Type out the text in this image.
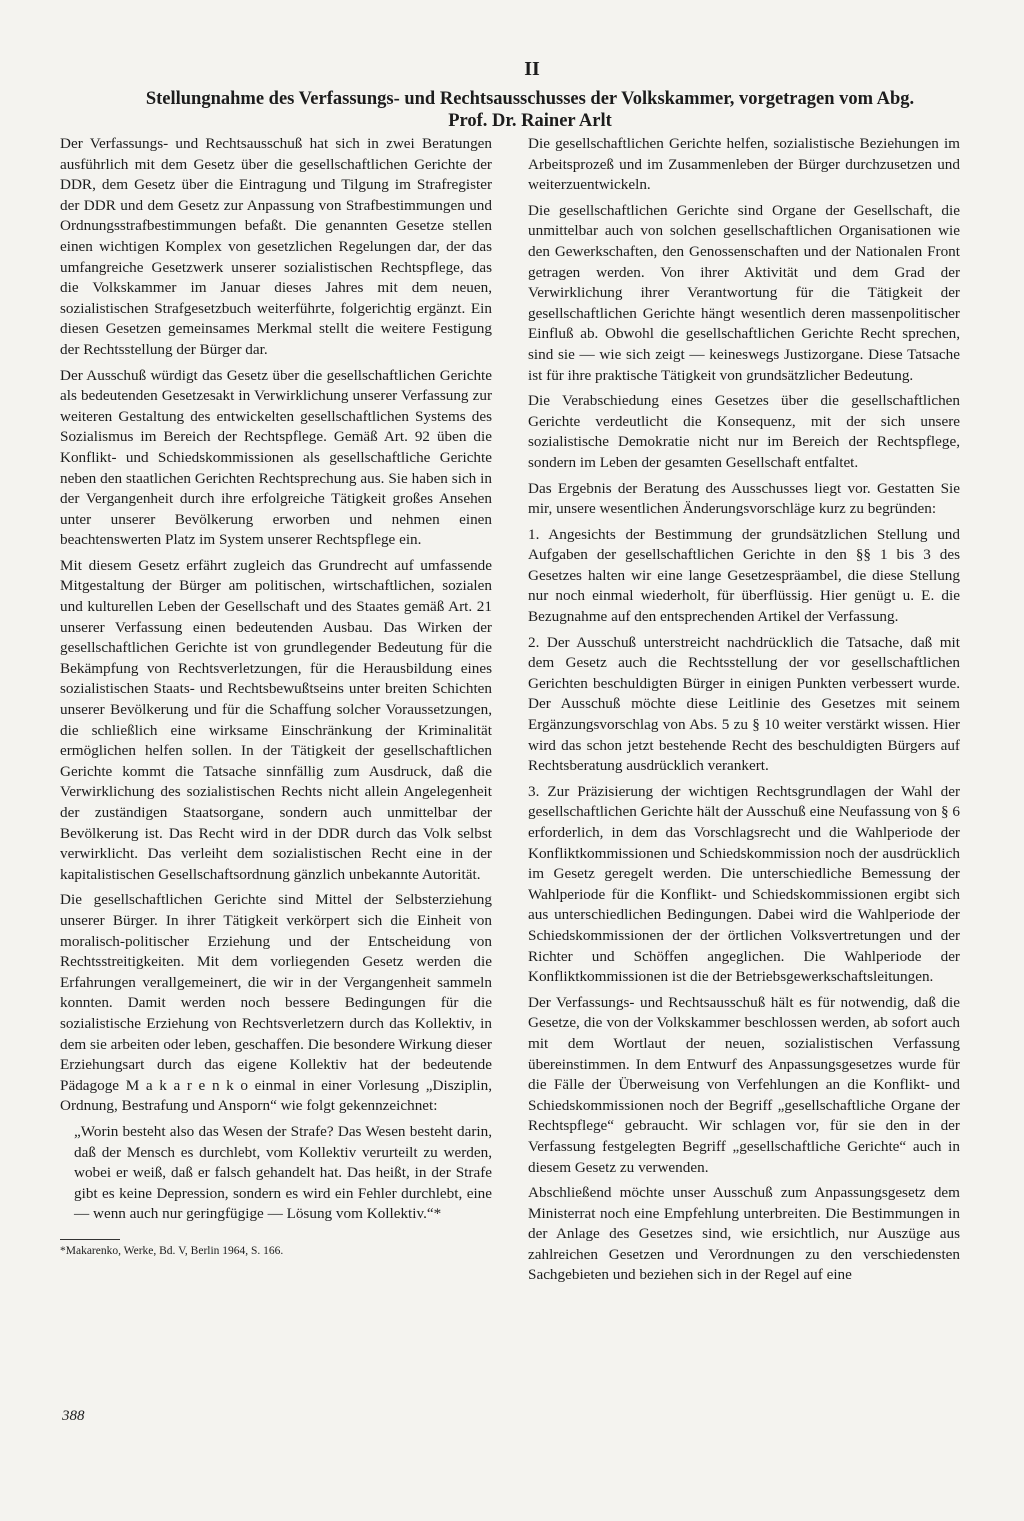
II
Stellungnahme des Verfassungs- und Rechtsausschusses der Volkskammer, vorgetragen vom Abg. Prof. Dr. Rainer Arlt

Der Verfassungs- und Rechtsausschuß hat sich in zwei Beratungen ausführlich mit dem Gesetz über die gesellschaftlichen Gerichte der DDR, dem Gesetz über die Eintragung und Tilgung im Strafregister der DDR und dem Gesetz zur Anpassung von Strafbestimmungen und Ordnungsstrafbestimmungen befaßt. Die genannten Gesetze stellen einen wichtigen Komplex von gesetzlichen Regelungen dar, der das umfangreiche Gesetzwerk unserer sozialistischen Rechtspflege, das die Volkskammer im Januar dieses Jahres mit dem neuen, sozialistischen Strafgesetzbuch weiterführte, folgerichtig ergänzt. Ein diesen Gesetzen gemeinsames Merkmal stellt die weitere Festigung der Rechtsstellung der Bürger dar.

Der Ausschuß würdigt das Gesetz über die gesellschaftlichen Gerichte als bedeutenden Gesetzesakt in Verwirklichung unserer Verfassung zur weiteren Gestaltung des entwickelten gesellschaftlichen Systems des Sozialismus im Bereich der Rechtspflege. Gemäß Art. 92 üben die Konflikt- und Schiedskommissionen als gesellschaftliche Gerichte neben den staatlichen Gerichten Rechtsprechung aus. Sie haben sich in der Vergangenheit durch ihre erfolgreiche Tätigkeit großes Ansehen unter unserer Bevölkerung erworben und nehmen einen beachtenswerten Platz im System unserer Rechtspflege ein.

Mit diesem Gesetz erfährt zugleich das Grundrecht auf umfassende Mitgestaltung der Bürger am politischen, wirtschaftlichen, sozialen und kulturellen Leben der Gesellschaft und des Staates gemäß Art. 21 unserer Verfassung einen bedeutenden Ausbau. Das Wirken der gesellschaftlichen Gerichte ist von grundlegender Bedeutung für die Bekämpfung von Rechtsverletzungen, für die Herausbildung eines sozialistischen Staats- und Rechtsbewußtseins unter breiten Schichten unserer Bevölkerung und für die Schaffung solcher Voraussetzungen, die schließlich eine wirksame Einschränkung der Kriminalität ermöglichen helfen sollen. In der Tätigkeit der gesellschaftlichen Gerichte kommt die Tatsache sinnfällig zum Ausdruck, daß die Verwirklichung des sozialistischen Rechts nicht allein Angelegenheit der zuständigen Staatsorgane, sondern auch unmittelbar der Bevölkerung ist. Das Recht wird in der DDR durch das Volk selbst verwirklicht. Das verleiht dem sozialistischen Recht eine in der kapitalistischen Gesellschaftsordnung gänzlich unbekannte Autorität.

Die gesellschaftlichen Gerichte sind Mittel der Selbsterziehung unserer Bürger. In ihrer Tätigkeit verkörpert sich die Einheit von moralisch-politischer Erziehung und der Entscheidung von Rechtsstreitigkeiten. Mit dem vorliegenden Gesetz werden die Erfahrungen verallgemeinert, die wir in der Vergangenheit sammeln konnten. Damit werden noch bessere Bedingungen für die sozialistische Erziehung von Rechtsverletzern durch das Kollektiv, in dem sie arbeiten oder leben, geschaffen. Die besondere Wirkung dieser Erziehungsart durch das eigene Kollektiv hat der bedeutende Pädagoge M a k a r e n k o einmal in einer Vorlesung „Disziplin, Ordnung, Bestrafung und Ansporn“ wie folgt gekennzeichnet:

„Worin besteht also das Wesen der Strafe? Das Wesen besteht darin, daß der Mensch es durchlebt, vom Kollektiv verurteilt zu werden, wobei er weiß, daß er falsch gehandelt hat. Das heißt, in der Strafe gibt es keine Depression, sondern es wird ein Fehler durchlebt, eine — wenn auch nur geringfügige — Lösung vom Kollektiv.“*

*Makarenko, Werke, Bd. V, Berlin 1964, S. 166.

Die gesellschaftlichen Gerichte helfen, sozialistische Beziehungen im Arbeitsprozeß und im Zusammenleben der Bürger durchzusetzen und weiterzuentwickeln.

Die gesellschaftlichen Gerichte sind Organe der Gesellschaft, die unmittelbar auch von solchen gesellschaftlichen Organisationen wie den Gewerkschaften, den Genossenschaften und der Nationalen Front getragen werden. Von ihrer Aktivität und dem Grad der Verwirklichung ihrer Verantwortung für die Tätigkeit der gesellschaftlichen Gerichte hängt wesentlich deren massenpolitischer Einfluß ab. Obwohl die gesellschaftlichen Gerichte Recht sprechen, sind sie — wie sich zeigt — keineswegs Justizorgane. Diese Tatsache ist für ihre praktische Tätigkeit von grundsätzlicher Bedeutung.

Die Verabschiedung eines Gesetzes über die gesellschaftlichen Gerichte verdeutlicht die Konsequenz, mit der sich unsere sozialistische Demokratie nicht nur im Bereich der Rechtspflege, sondern im Leben der gesamten Gesellschaft entfaltet.

Das Ergebnis der Beratung des Ausschusses liegt vor. Gestatten Sie mir, unsere wesentlichen Änderungsvorschläge kurz zu begründen:

1. Angesichts der Bestimmung der grundsätzlichen Stellung und Aufgaben der gesellschaftlichen Gerichte in den §§ 1 bis 3 des Gesetzes halten wir eine lange Gesetzespräambel, die diese Stellung nur noch einmal wiederholt, für überflüssig. Hier genügt u. E. die Bezugnahme auf den entsprechenden Artikel der Verfassung.

2. Der Ausschuß unterstreicht nachdrücklich die Tatsache, daß mit dem Gesetz auch die Rechtsstellung der vor gesellschaftlichen Gerichten beschuldigten Bürger in einigen Punkten verbessert wurde. Der Ausschuß möchte diese Leitlinie des Gesetzes mit seinem Ergänzungsvorschlag von Abs. 5 zu § 10 weiter verstärkt wissen. Hier wird das schon jetzt bestehende Recht des beschuldigten Bürgers auf Rechtsberatung ausdrücklich verankert.

3. Zur Präzisierung der wichtigen Rechtsgrundlagen der Wahl der gesellschaftlichen Gerichte hält der Ausschuß eine Neufassung von § 6 erforderlich, in dem das Vorschlagsrecht und die Wahlperiode der Konfliktkommissionen und Schiedskommission noch der ausdrücklich im Gesetz geregelt werden. Die unterschiedliche Bemessung der Wahlperiode für die Konflikt- und Schiedskommissionen ergibt sich aus unterschiedlichen Bedingungen. Dabei wird die Wahlperiode der Schiedskommissionen der der örtlichen Volksvertretungen und der Richter und Schöffen angeglichen. Die Wahlperiode der Konfliktkommissionen ist die der Betriebsgewerkschaftsleitungen.

Der Verfassungs- und Rechtsausschuß hält es für notwendig, daß die Gesetze, die von der Volkskammer beschlossen werden, ab sofort auch mit dem Wortlaut der neuen, sozialistischen Verfassung übereinstimmen. In dem Entwurf des Anpassungsgesetzes wurde für die Fälle der Überweisung von Verfehlungen an die Konflikt- und Schiedskommissionen noch der Begriff „gesellschaftliche Organe der Rechtspflege“ gebraucht. Wir schlagen vor, für sie den in der Verfassung festgelegten Begriff „gesellschaftliche Gerichte“ auch in diesem Gesetz zu verwenden.

Abschließend möchte unser Ausschuß zum Anpassungsgesetz dem Ministerrat noch eine Empfehlung unterbreiten. Die Bestimmungen in der Anlage des Gesetzes sind, wie ersichtlich, nur Auszüge aus zahlreichen Gesetzen und Verordnungen zu den verschiedensten Sachgebieten und beziehen sich in der Regel auf eine

388
